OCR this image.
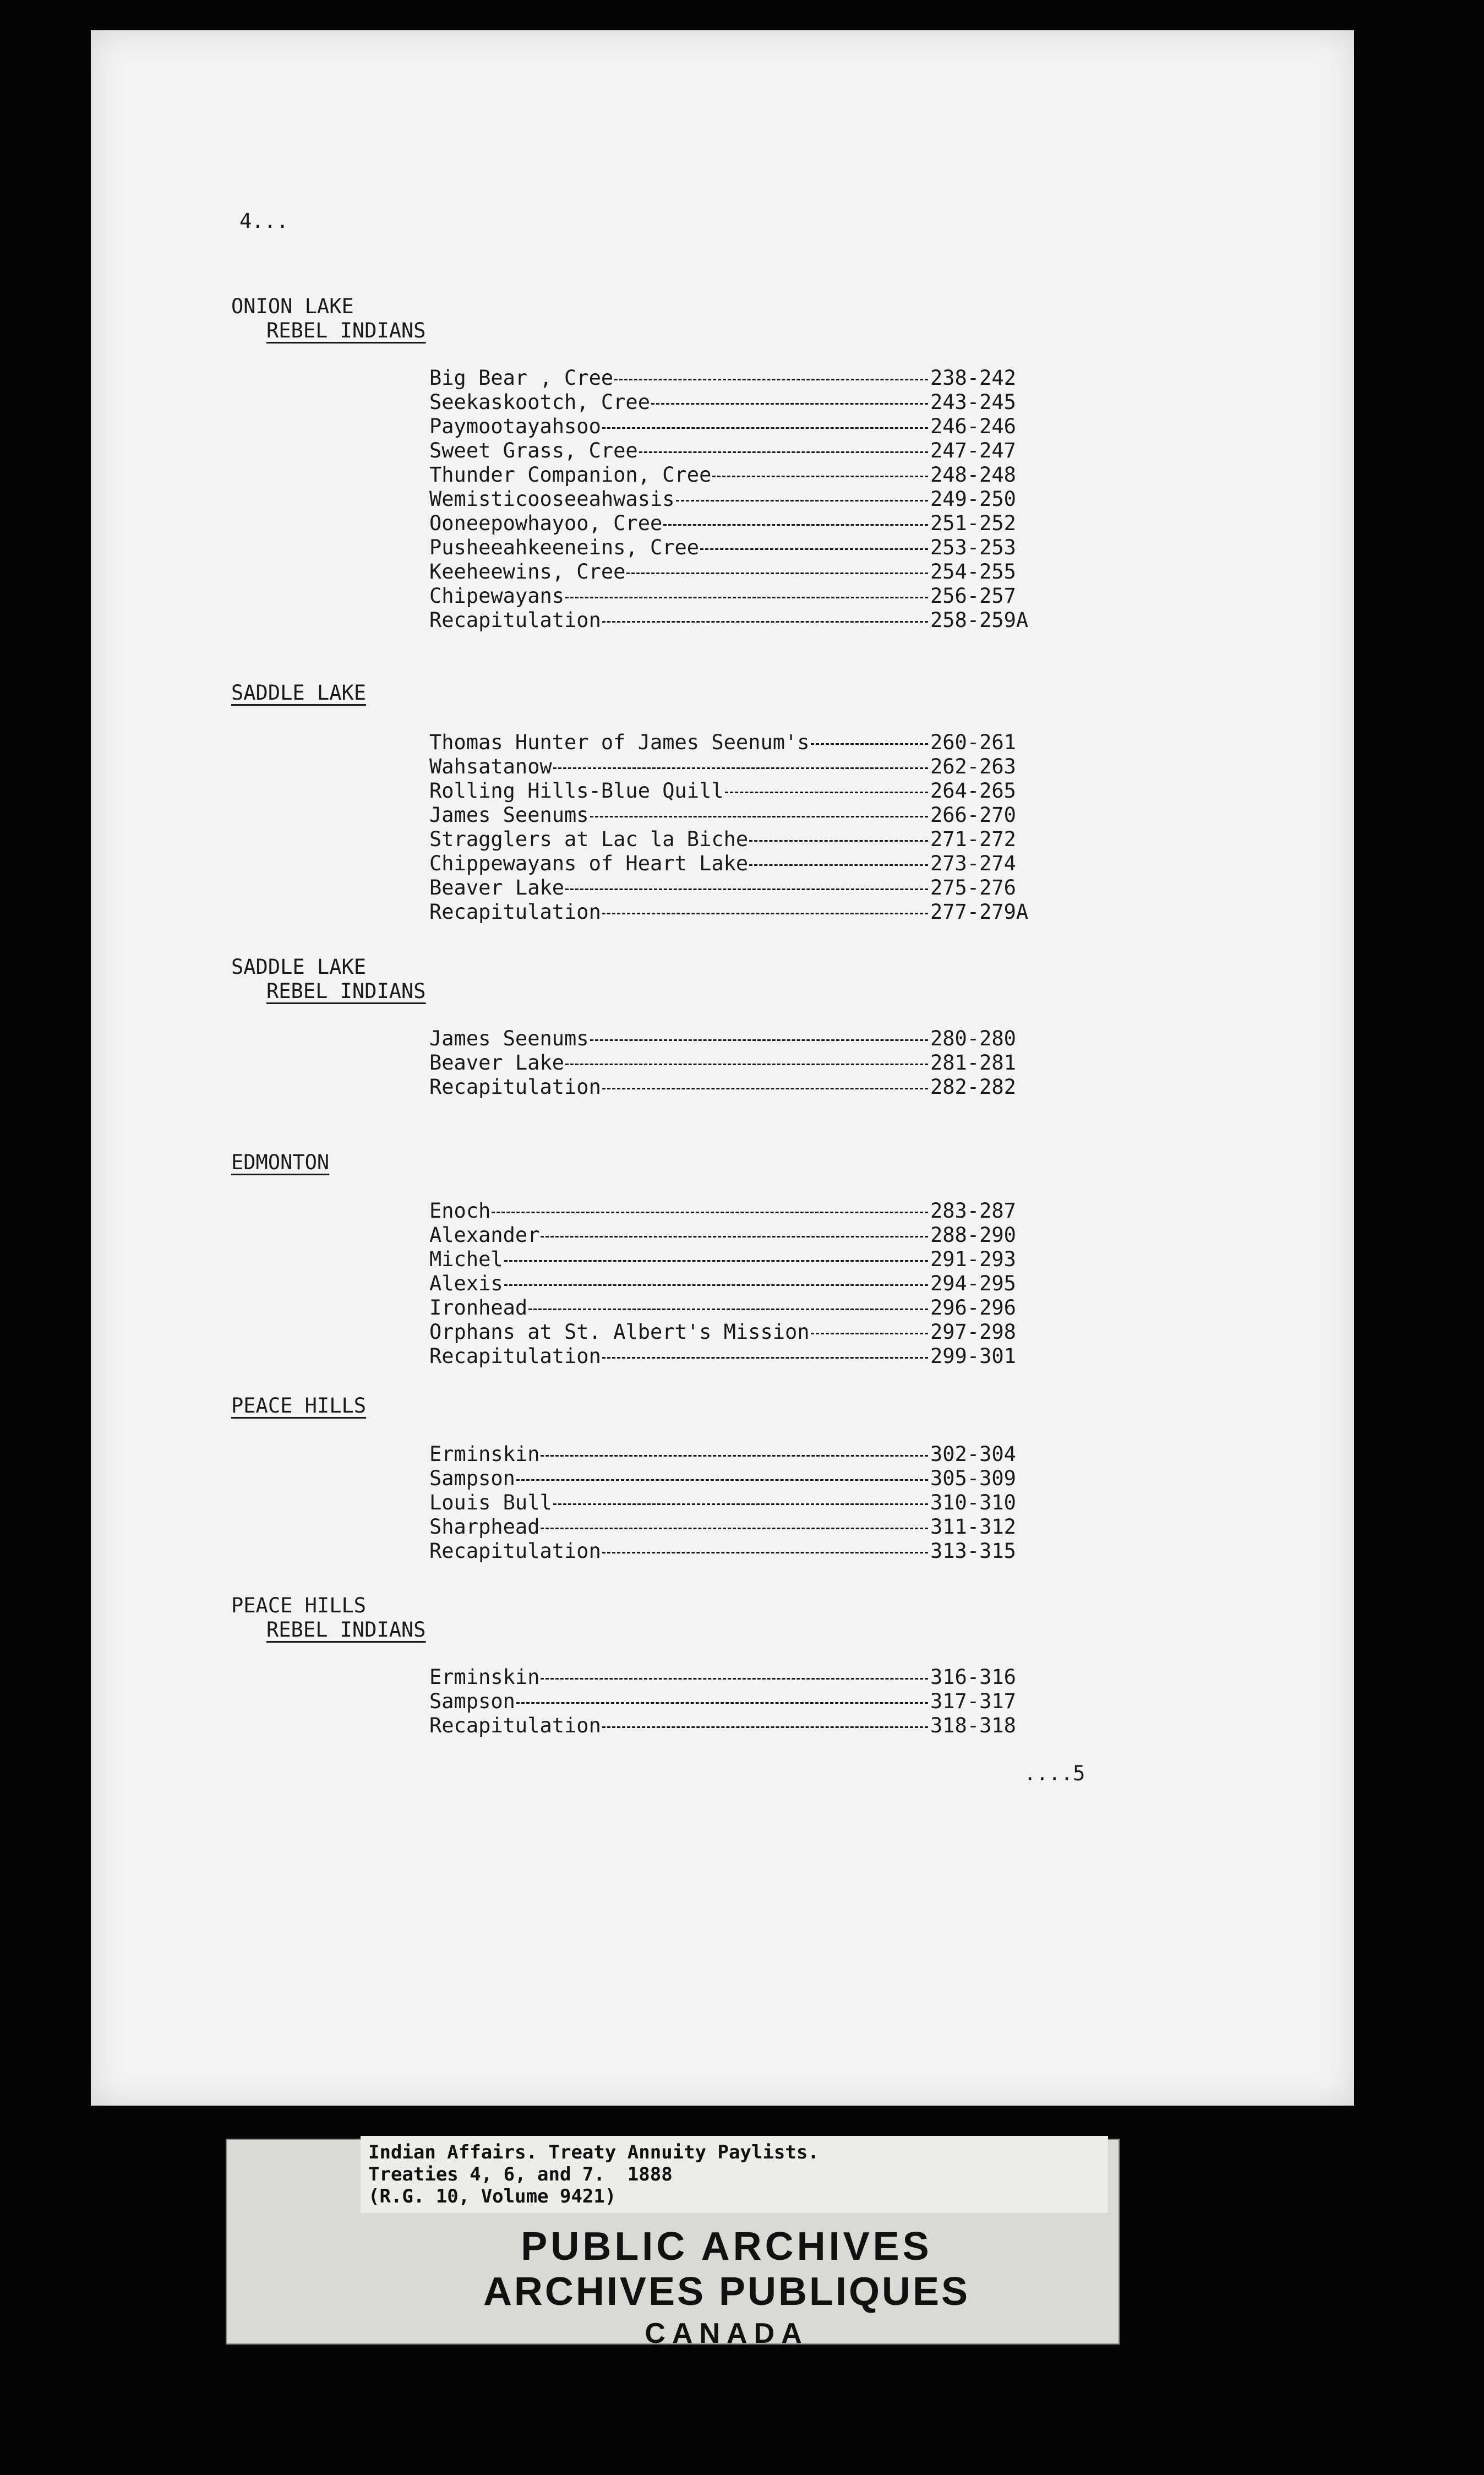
4...
ONION LAKE
REBEL INDIANS
Big Bear , Cree	238-242
Seekaskootch, Cree	243-245
Paymootayahsoo	246-246
Sweet Grass, Cree	247-247
Thunder Companion, Cree	248-248
Wemisticooseeahwasis	249-250
Ooneepowhayoo, Cree	251-252
Pusheeahkeeneins, Cree	253-253
Keeheewins, Cree	254-255
Chipewayans	256-257
Recapitulation	258-259A
SADDLE LAKE
Thomas Hunter of James Seenum's	260-261
Wahsatanow	262-263
Rolling Hills-Blue Quill	264-265
James Seenums	266-270
Stragglers at Lac la Biche	271-272
Chippewayans of Heart Lake	273-274
Beaver Lake	275-276
Recapitulation	277-279A
SADDLE LAKE
REBEL INDIANS
James Seenums	280-280
Beaver Lake	281-281
Recapitulation	282-282
EDMONTON
Enoch	283-287
Alexander	288-290
Michel	291-293
Alexis	294-295
Ironhead	296-296
Orphans at St. Albert's Mission	297-298
Recapitulation	299-301
PEACE HILLS
Erminskin	302-304
Sampson	305-309
Louis Bull	310-310
Sharphead	311-312
Recapitulation	313-315
PEACE HILLS
REBEL INDIANS
Erminskin	316-316
Sampson	317-317
Recapitulation	318-318
....5
Indian Affairs. Treaty Annuity Paylists.
Treaties 4, 6, and 7.  1888
(R.G. 10, Volume 9421)
PUBLIC ARCHIVES
ARCHIVES PUBLIQUES
CANADA
